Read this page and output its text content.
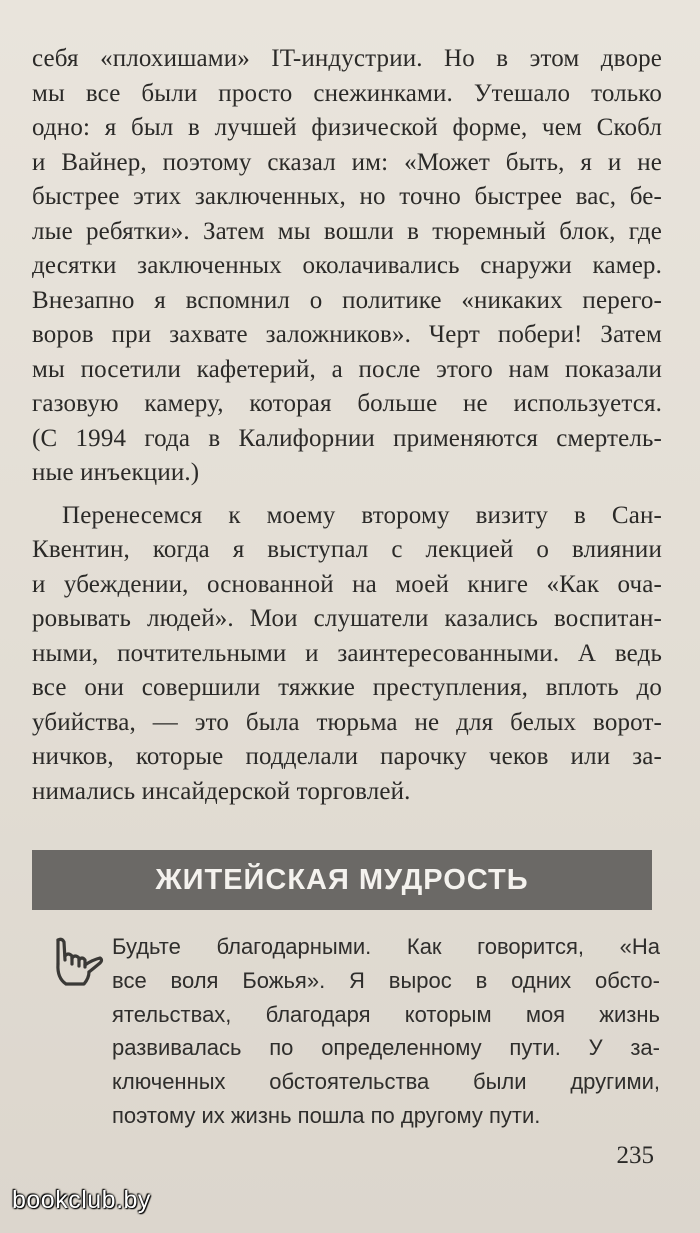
себя «плохишами» IT-индустрии. Но в этом дворе
мы все были просто снежинками. Утешало только
одно: я был в лучшей физической форме, чем Скобл
и Вайнер, поэтому сказал им: «Может быть, я и не
быстрее этих заключенных, но точно быстрее вас, бе-
лые ребятки». Затем мы вошли в тюремный блок, где
десятки заключенных околачивались снаружи камер.
Внезапно я вспомнил о политике «никаких перего-
воров при захвате заложников». Черт побери! Затем
мы посетили кафетерий, а после этого нам показали
газовую камеру, которая больше не используется.
(С 1994 года в Калифорнии применяются смертель-
ные инъекции.)
Перенесемся к моему второму визиту в Сан-
Квентин, когда я выступал с лекцией о влиянии
и убеждении, основанной на моей книге «Как оча-
ровывать людей». Мои слушатели казались воспитан-
ными, почтительными и заинтересованными. А ведь
все они совершили тяжкие преступления, вплоть до
убийства, — это была тюрьма не для белых ворот-
ничков, которые подделали парочку чеков или за-
нимались инсайдерской торговлей.
ЖИТЕЙСКАЯ МУДРОСТЬ
Будьте благодарными. Как говорится, «На
все воля Божья». Я вырос в одних обсто-
ятельствах, благодаря которым моя жизнь
развивалась по определенному пути. У за-
ключенных обстоятельства были другими,
поэтому их жизнь пошла по другому пути.
235
bookclub.by
